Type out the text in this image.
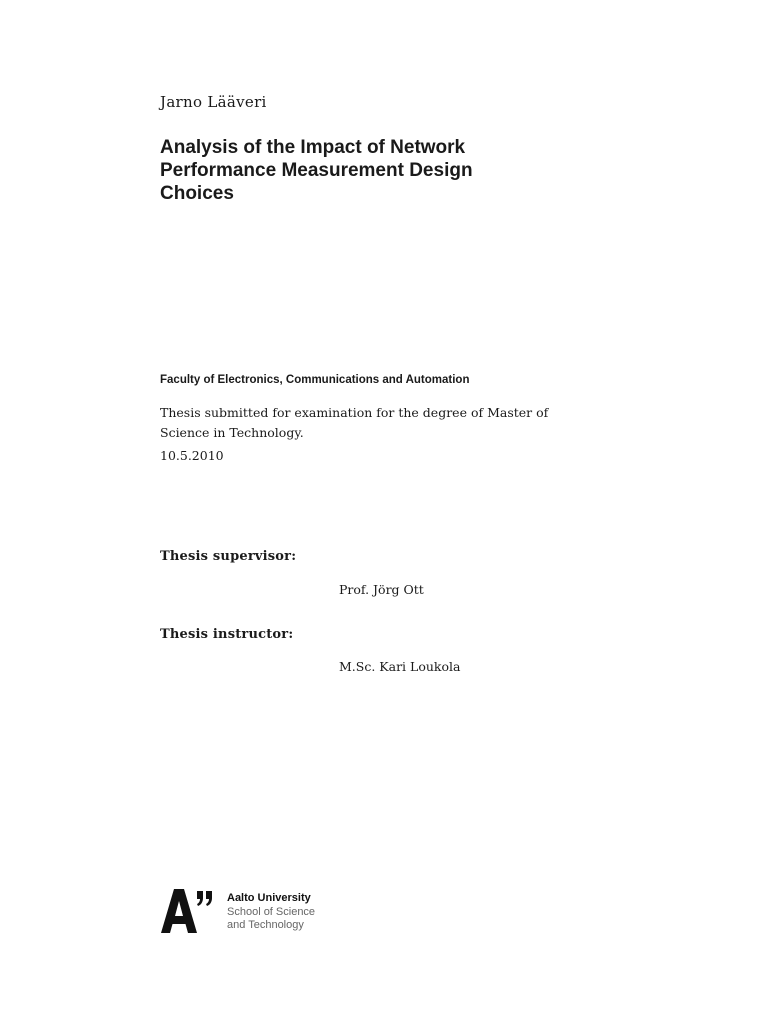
Jarno Lääveri
Analysis of the Impact of Network
Performance Measurement Design
Choices
Faculty of Electronics, Communications and Automation
Thesis submitted for examination for the degree of Master of
Science in Technology.
10.5.2010
Thesis supervisor:
Prof. Jörg Ott
Thesis instructor:
M.Sc. Kari Loukola
Aalto University
School of Science
and Technology
